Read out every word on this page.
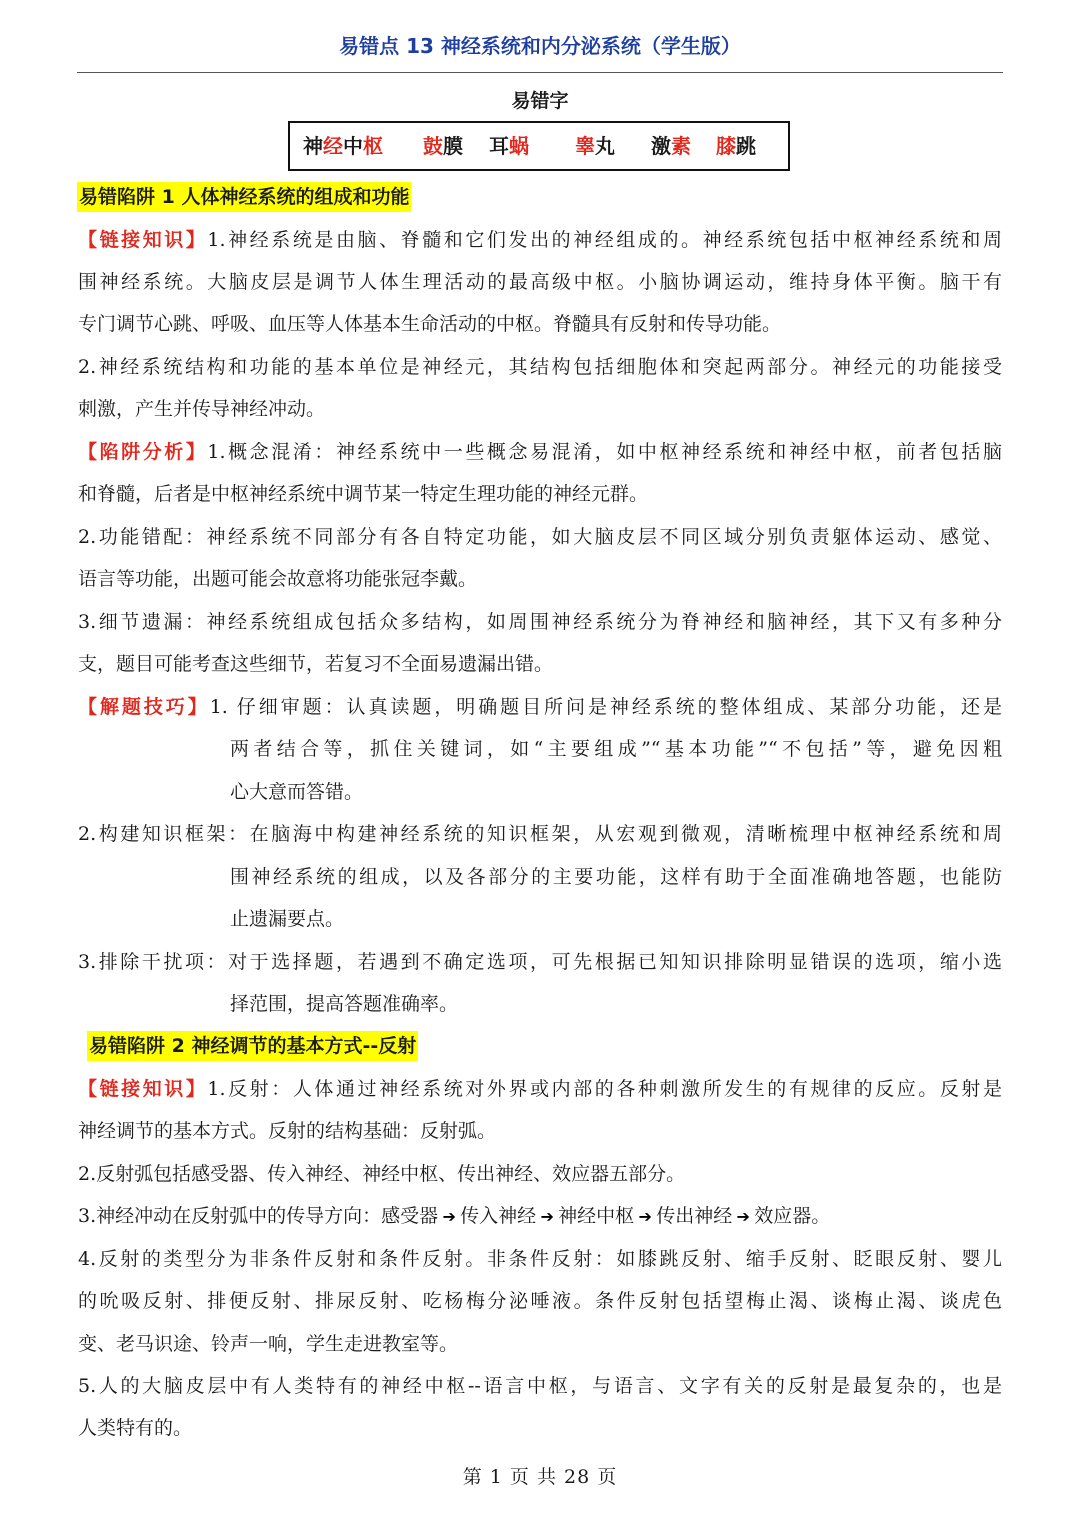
易错点 13 神经系统和内分泌系统（学生版）
易错字
神经中枢 鼓膜 耳蜗 睾丸 激素 膝跳
易错陷阱 1 人体神经系统的组成和功能
【链接知识】1.神经系统是由脑、脊髓和它们发出的神经组成的。神经系统包括中枢神经系统和周
围神经系统。大脑皮层是调节人体生理活动的最高级中枢。小脑协调运动，维持身体平衡。脑干有
专门调节心跳、呼吸、血压等人体基本生命活动的中枢。脊髓具有反射和传导功能。
2.神经系统结构和功能的基本单位是神经元，其结构包括细胞体和突起两部分。神经元的功能接受
刺激，产生并传导神经冲动。
【陷阱分析】1.概念混淆：神经系统中一些概念易混淆，如中枢神经系统和神经中枢，前者包括脑
和脊髓，后者是中枢神经系统中调节某一特定生理功能的神经元群。
2.功能错配：神经系统不同部分有各自特定功能，如大脑皮层不同区域分别负责躯体运动、感觉、
语言等功能，出题可能会故意将功能张冠李戴。
3.细节遗漏：神经系统组成包括众多结构，如周围神经系统分为脊神经和脑神经，其下又有多种分
支，题目可能考查这些细节，若复习不全面易遗漏出错。
【解题技巧】1. 仔细审题：认真读题，明确题目所问是神经系统的整体组成、某部分功能，还是
两者结合等，抓住关键词，如“主要组成”“基本功能”“不包括”等，避免因粗
心大意而答错。
2.构建知识框架：在脑海中构建神经系统的知识框架，从宏观到微观，清晰梳理中枢神经系统和周
围神经系统的组成，以及各部分的主要功能，这样有助于全面准确地答题，也能防
止遗漏要点。
3.排除干扰项：对于选择题，若遇到不确定选项，可先根据已知知识排除明显错误的选项，缩小选
择范围，提高答题准确率。
易错陷阱 2 神经调节的基本方式--反射
【链接知识】1.反射：人体通过神经系统对外界或内部的各种刺激所发生的有规律的反应。反射是
神经调节的基本方式。反射的结构基础：反射弧。
2.反射弧包括感受器、传入神经、神经中枢、传出神经、效应器五部分。
3.神经冲动在反射弧中的传导方向：感受器 ➔ 传入神经 ➔ 神经中枢 ➔ 传出神经 ➔ 效应器。
4.反射的类型分为非条件反射和条件反射。非条件反射：如膝跳反射、缩手反射、眨眼反射、婴儿
的吮吸反射、排便反射、排尿反射、吃杨梅分泌唾液。条件反射包括望梅止渴、谈梅止渴、谈虎色
变、老马识途、铃声一响，学生走进教室等。
5.人的大脑皮层中有人类特有的神经中枢--语言中枢，与语言、文字有关的反射是最复杂的，也是
人类特有的。
第 1 页 共 28 页
